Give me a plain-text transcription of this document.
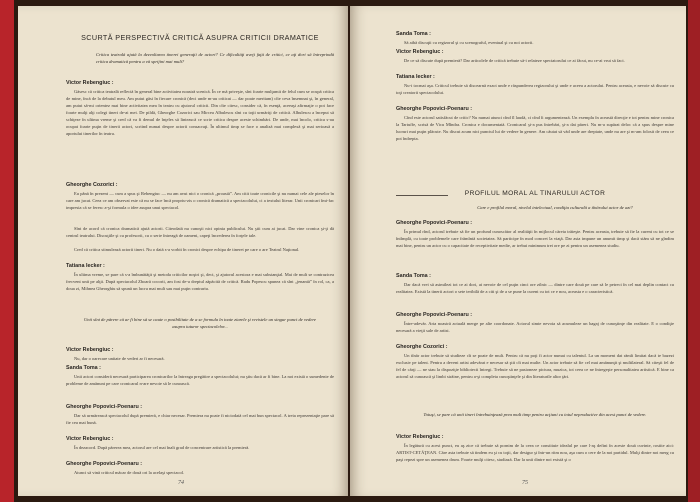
SCURTĂ PERSPECTIVĂ CRITICĂ ASUPRA CRITICII DRAMATICE
Critica teatrală ajută la dezvoltarea tinerei generaţii de actori? Ce dificultăţi aveţi faţă de critici, ce aţi dori să întreprindă critica dramatică pentru a vă sprijini mai mult?
Victor Rebengiuc :
Găsesc că critica teatrală reflectă în general bine activitatea noastră scenică. În ce mă priveşte, sînt foarte mulţumit de felul cum se ocupă critica de mine, încă de la debutul meu. Am putut găsi în fiecare cronică (deci unde m-au criticat — dar poate meritam) cîte ceva însemnat şi, în general, am putut să-mi orientez mai bine activitatea mea în teatru cu ajutorul criticii. Din cîte citesc, consider că, în esenţă, aceeaşi afirmaţie o pot face foarte mulţi alţi colegi tineri de-ai mei. De pildă, Gheorghe Cozorici sau Mircea Albulescu sînt cu toţii urmăriţi de critică. Albulescu a început să schiţeze în ultima vreme şi cred că va fi demul de înţeles să lintească ce scrie critica despre aceste schimbări. De unde, mai încolo, critica s-au ocupat foarte puţin de tinerii actori, scriind numai despre actorii consacraţi. În ultimul timp se face o analiză mai complexă şi mai serioasă a aportului tinerilor în teatru.
Gheorghe Cozorici :
Eu până în prezent — cum a spus şi Rebengiuc — nu am avut nici o cronică „proastă”. Am citit toate cronicile şi nu numai cele ale pieselor în care am jucat. Ceea ce am observat este că nu se face încă propriu-zis o cronică dramatică a spectacolului, ci a textului literar. Unii cronicari îmi-fac impresia că se feresc a-şi formula o idee asupra unui spectacol.
Sînt de acord că cronica dramatică ajută actorii. Citeodată nu cunoşti nici opinia publicului. Nu ştii cum ai jucat. Dar vine cronica şi-ţi dă centrul teatrului. Discuţiile şi cu profesorii, cu o serie întreagă de oameni, capeţi încrederea în forţele tale.
Cred că critica stimulează actorii tineri. Nu o dată s-a vorbit în cronici despre echipa de tineret pe care o are Teatrul Naţional.
Tatiana Iecker :
În ultima vreme, se pare că s-a îmbunătăţit şi metoda criticilor noştri şi, deci, şi ajutorul acestora e mai substanţial. Mai de mult se contrazicea frecvent unii pe alţii. După spectacolul Zboară cocorii, am fost de-a dreptul zăpăcită de critică. Radu Popescu spunea că sînt „jenantă” în rol, ca, a doua zi, Mihnea Gheorghiu să spună un lucru mai mult sau mai puţin contrariu.
Unii sînt de părere că ar fi bine să se caute o posibilitate de a se formula în toate ziarele şi revistele un singur punct de vedere asupra tuturor spectacolelor...
Victor Rebengiuc :
Nu, dar o oarecare unitate de vederi ar fi necesară.
Sanda Toma :
Unii actori consideră necesară participarea cronicarilor la întreaga pregătire a spectacolului; nu ştiu dacă ar fi bine. La noi există o sumedenie de probleme de amănunt pe care cronicarul n-are nevoie să le cunoască.
Gheorghe Popovici-Poenaru :
Dar să urmărească spectacolul după premieră, e chiar necesar. Premiera nu poate fi niciodată cel mai bun spectacol. A treia reprezentaţie pare să fie cea mai bună.
Victor Rebengiuc :
În dezacord. După părerea mea, actorul are cel mai înalt grad de concentrare artistică la premieră.
Gheorghe Popovici-Poenaru :
Atunci să vină criticul măcar de două ori la acelaşi spectacol.
74
Sanda Toma :
Să aibă discuţii cu regizorul şi cu scenograful, eventual şi cu noi actorii.
Victor Rebengiuc :
De ce să discute după premieră? Dar articolele de critică trebuie să-i relateze spectatorului ce ai făcut, nu ce-ai vrut să faci.
Tatiana Iecker :
Nu-i tocmai aşa. Criticul trebuie să discearnă exact unde e răspunderea regizorului şi unde e aceea a actorului. Pentru aceasta, e nevoie să discute cu toţi creatorii spectacolului.
Gheorghe Popovici-Poenaru :
Cînd este actorul satisfăcut de critic? Nu numai atunci cînd îl laudă, ci cînd îi argumentează. Un exemplu în această direcţie e tot pentru mine cronica la Tartuffe, scrisă de Vicu Mîndra. Cronica e documentată. Cronicarul şi-a pus întrebări, şi-a dat păreri. Nu m-a supărat deloc că a spus despre mine lucruri mai puţin plăcute. Nu discut acum nici punctul lui de vedere în genere. Am căutat să văd unde are dreptate, unde nu are şi m-am folosit de ceea ce pot îndrepta.
PROFILUL MORAL AL TÎNĂRULUI ACTOR
Care e profilul moral, nivelul intelectual, condiţia culturală a tînărului actor de azi?
Gheorghe Popovici-Poenaru :
În primul rînd, actorul trebuie să fie un profund cunoscător al realităţii în mijlocul căreia trăieşte. Pentru aceasta, trebuie să fie la curent cu tot ce se întîmplă, cu toate problemele care frămîntă societatea. Să participe în mod concret la viaţă. Dar asta impune un anumit timp şi dacă stăm să ne gîndim mai bine, pentru un actor cu o capacitate de receptivitate medie, ar trebui minimum trei ore pe zi pentru un asemenea studiu.
Sanda Toma :
Dar dacă vrei să asimilezi tot ce ai dori, ai nevoie de cel puţin cinci ore zilnic — dintre care două pe care să le petreci în cel mai deplin contact cu realitatea. Există la tinerii actori o sete teribilă de a citi şi de a se pune la curent cu tot ce e nou, aceasta e o caracteristică.
Gheorghe Popovici-Poenaru :
Între-adevăr. Arta noastră actuală merge pe alte coordonate. Actorul simte nevoia să acumuleze un bagaj de cunoştinţe din realitate. E o condiţie necesară a vieţii sale de artist.
Gheorghe Cozorici :
Un tînăr actor trebuie să studieze cît se poate de mult. Pentru că nu poţi fi actor numai cu talentul. La un moment dat rămîi limitat dacă te bazezi exclusiv pe talent. Pentru a deveni artist adevărat e necesar să ştii cît mai multe. Un actor trebuie să fie cel mai amănunţit şi multilateral. Să citeşti fel de fel de cărţi — ne stau la dispoziţie bibliotecii întregi. Trebuie să ne pasioneze pictura, muzica, tot ceea ce ne întregeşte personalitatea artistică. E bine ca actorul să cunoască şi limbi străine, pentru a-şi completa cunoştinţele şi din literaturile altor ţări.
Totuşi, se pare că unii tineri întrebuinţează prea mult timp pentru acţiuni cu totul neproductive din acest punct de vedere.
Victor Rebengiuc :
În legătură cu acest punct, eu aş zice că trebuie să pornim de la ceea ce constituie idealul pe care l-aş defini în aceste două cuvinte, rostite aici: ARTIST-CETĂŢEAN. Căre asta trebuie să tindem eu şi cu toţii, dar desigur şi într-un ritm nou, aşa cum o cere de la noi partidul. Mulţi dintre noi merg cu paşi repezi spre un asemenea drum. Foarte mulţi citesc, studiază. Dar la unii dintre noi există şi o
75
